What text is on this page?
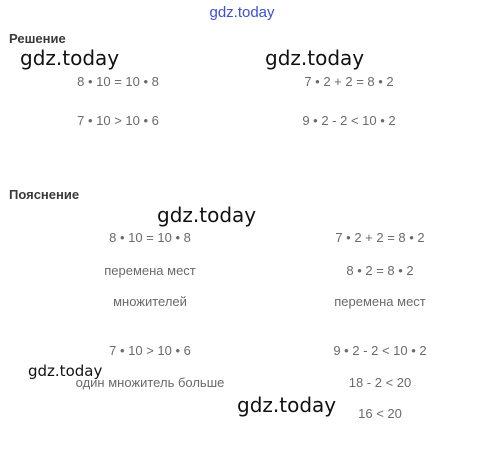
gdz.today
Решение
8 • 10 = 10 • 8
7 • 10 > 10 • 6
7 • 2 + 2 = 8 • 2
9 • 2 - 2 < 10 • 2
Пояснение
8 • 10 = 10 • 8
перемена мест
множителей
7 • 10 > 10 • 6
один множитель больше
7 • 2 + 2 = 8 • 2
8 • 2 = 8 • 2
перемена мест
9 • 2 - 2 < 10 • 2
18 - 2 < 20
16 < 20
gdz.today	gdz.today
gdz.today
gdz.today
gdz.today
